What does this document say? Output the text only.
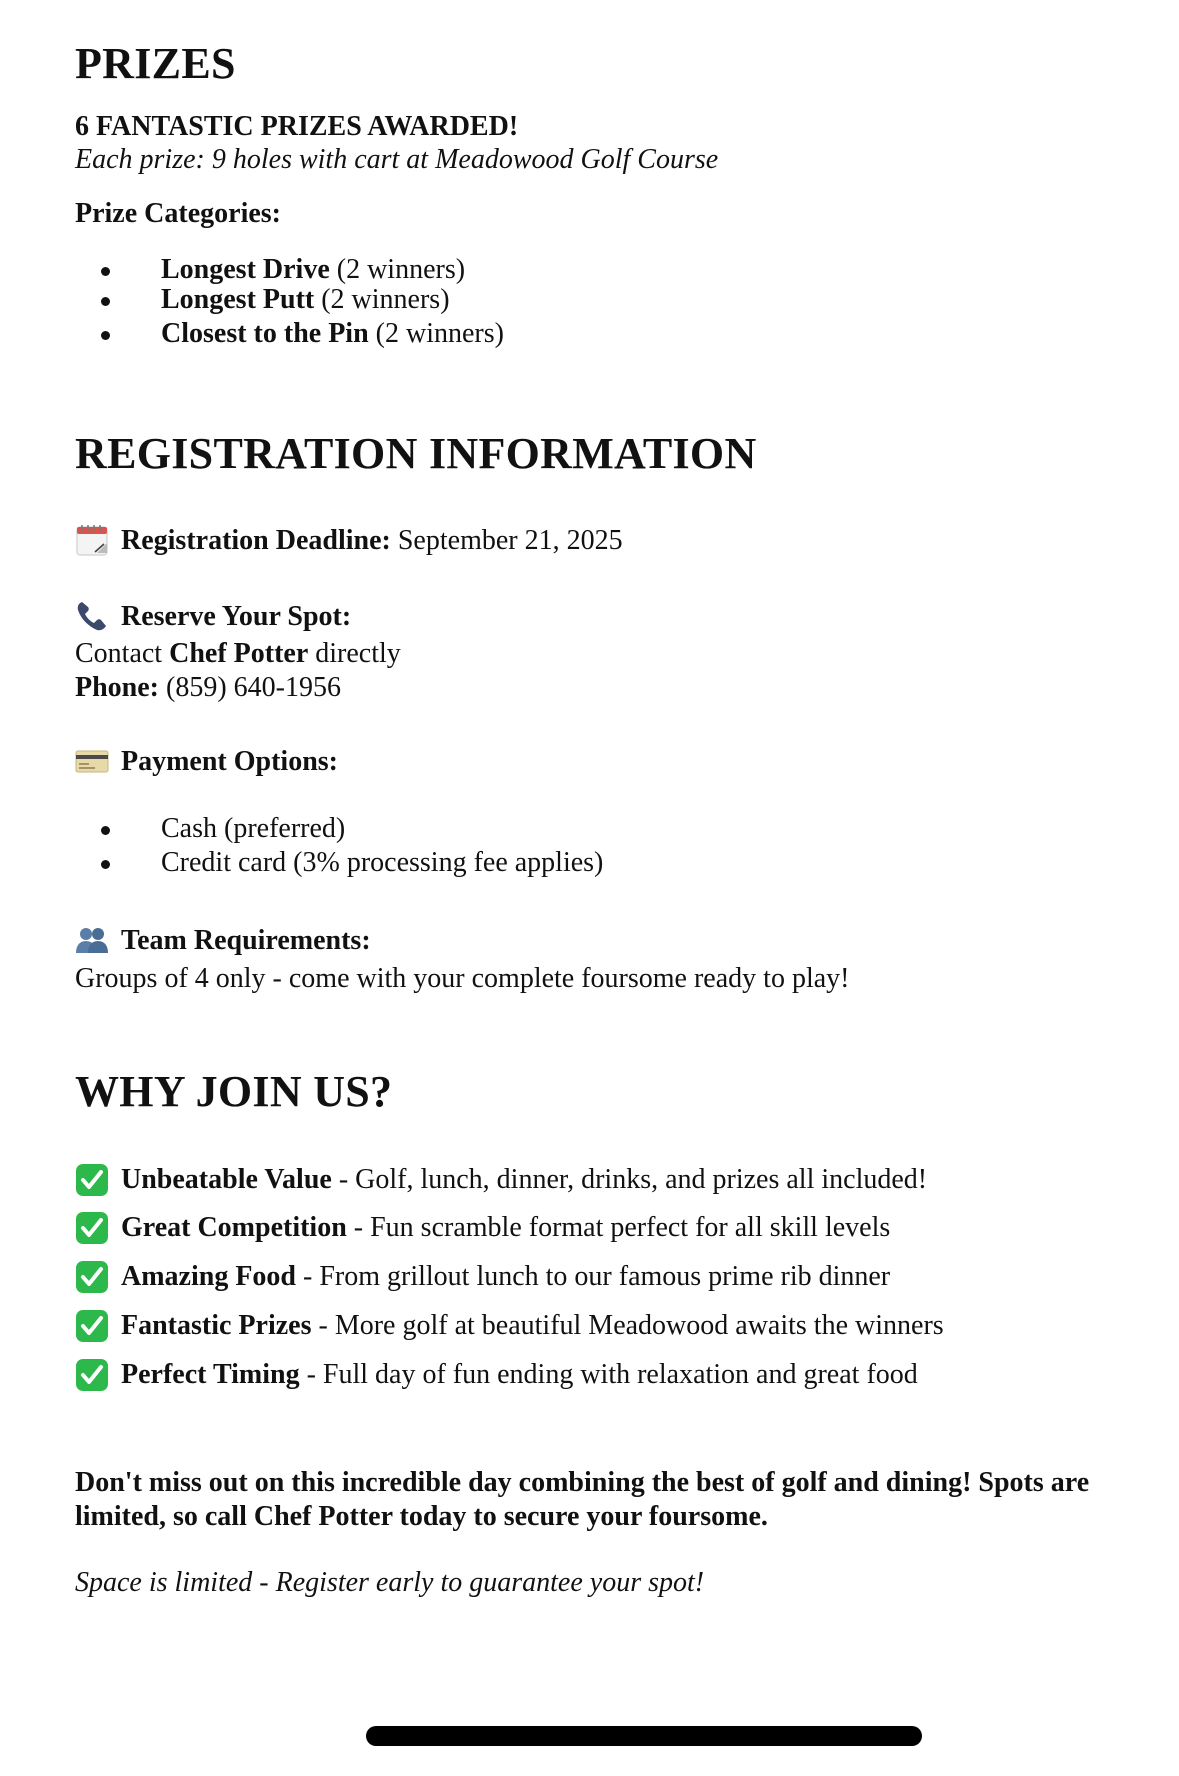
PRIZES
6 FANTASTIC PRIZES AWARDED!
Each prize: 9 holes with cart at Meadowood Golf Course
Prize Categories:
Longest Drive (2 winners)
Longest Putt (2 winners)
Closest to the Pin (2 winners)
REGISTRATION INFORMATION
Registration Deadline: September 21, 2025
Reserve Your Spot:
Contact Chef Potter directly
Phone: (859) 640-1956
Payment Options:
Cash (preferred)
Credit card (3% processing fee applies)
Team Requirements:
Groups of 4 only - come with your complete foursome ready to play!
WHY JOIN US?
Unbeatable Value - Golf, lunch, dinner, drinks, and prizes all included!
Great Competition - Fun scramble format perfect for all skill levels
Amazing Food - From grillout lunch to our famous prime rib dinner
Fantastic Prizes - More golf at beautiful Meadowood awaits the winners
Perfect Timing - Full day of fun ending with relaxation and great food
Don't miss out on this incredible day combining the best of golf and dining! Spots are limited, so call Chef Potter today to secure your foursome.
Space is limited - Register early to guarantee your spot!
